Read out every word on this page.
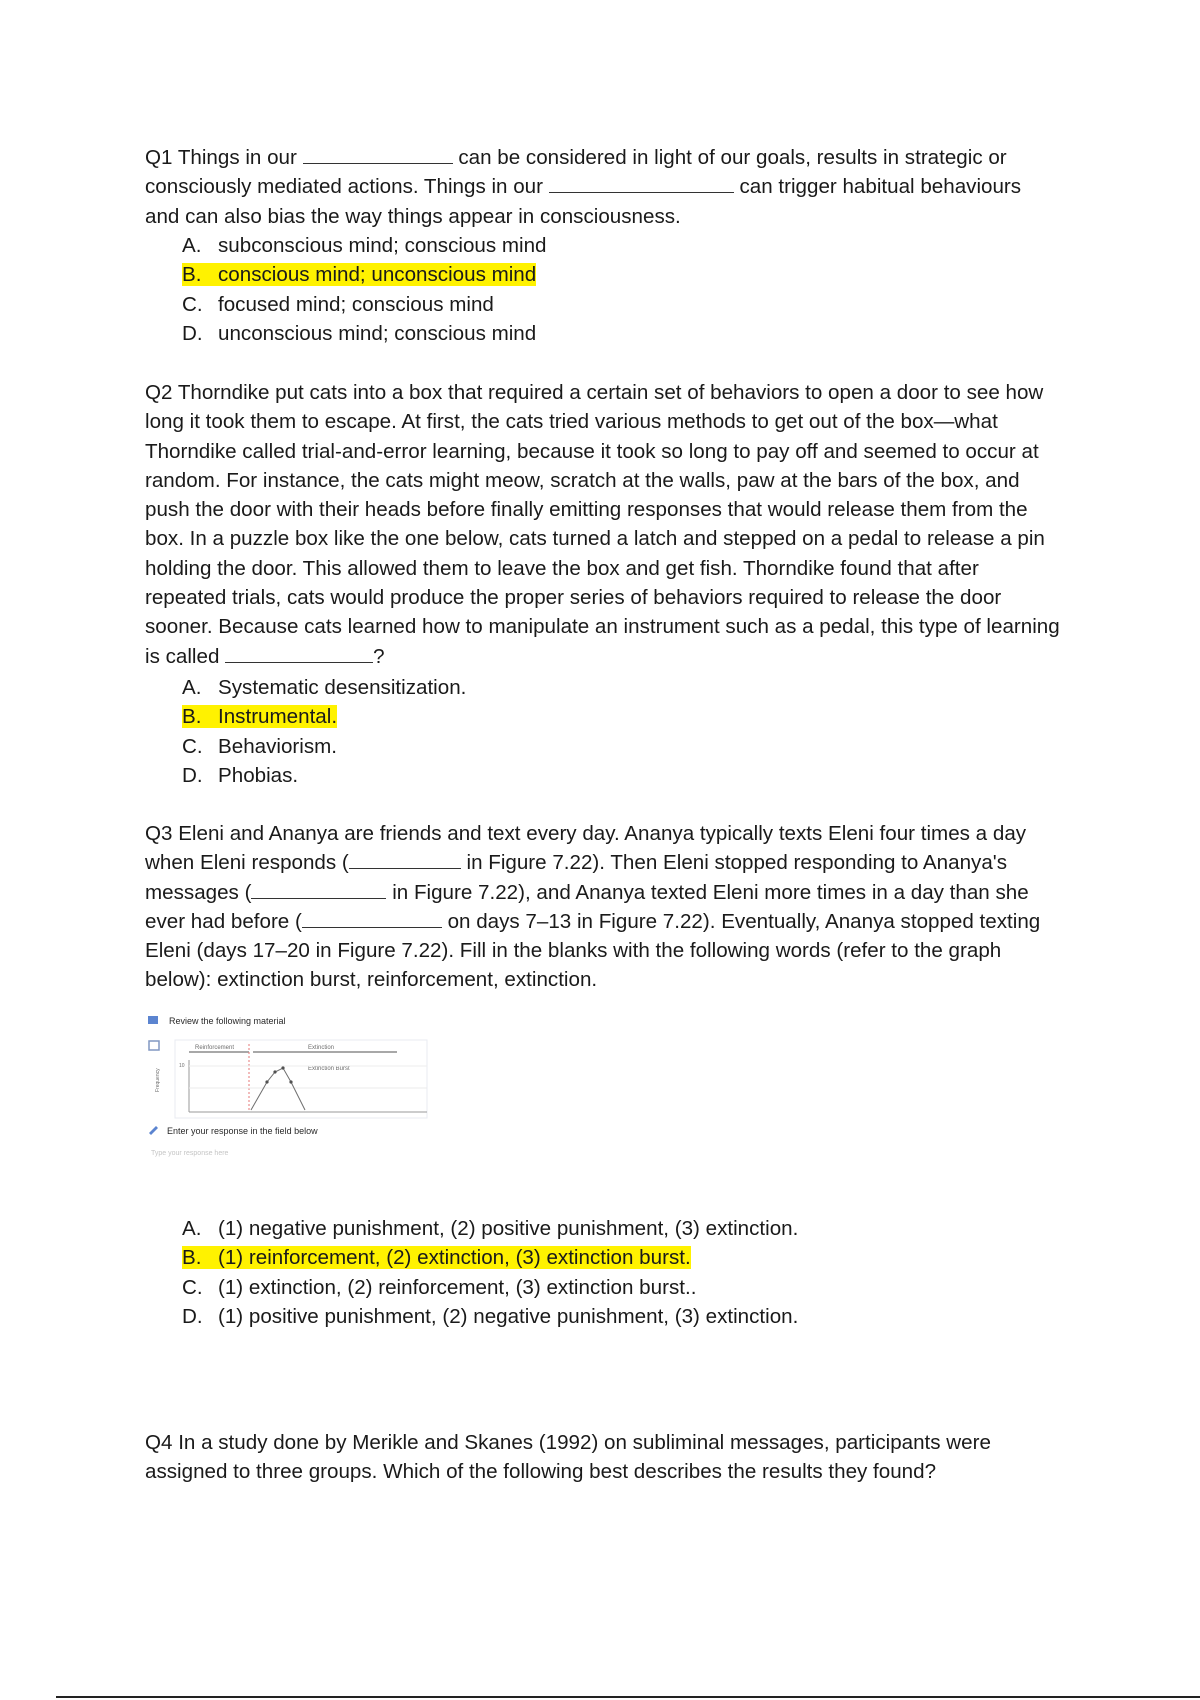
Q1 Things in our	can be considered in light of our goals, results in strategic or consciously mediated actions. Things in our	can trigger habitual behaviours and can also bias the way things appear in consciousness.

A. subconscious mind; conscious mind
B. conscious mind; unconscious mind
C. focused mind; conscious mind
D. unconscious mind; conscious mind

Q2 Thorndike put cats into a box that required a certain set of behaviors to open a door to see how long it took them to escape. At first, the cats tried various methods to get out of the box—what Thorndike called trial-and-error learning, because it took so long to pay off and seemed to occur at random. For instance, the cats might meow, scratch at the walls, paw at the bars of the box, and push the door with their heads before finally emitting responses that would release them from the box. In a puzzle box like the one below, cats turned a latch and stepped on a pedal to release a pin holding the door. This allowed them to leave the box and get fish. Thorndike found that after repeated trials, cats would produce the proper series of behaviors required to release the door sooner. Because cats learned how to manipulate an instrument such as a pedal, this type of learning is called	?

A. Systematic desensitization.
B. Instrumental.
C. Behaviorism.
D. Phobias.

Q3 Eleni and Ananya are friends and text every day. Ananya typically texts Eleni four times a day when Eleni responds (	in Figure 7.22). Then Eleni stopped responding to Ananya's messages (	in Figure 7.22), and Ananya texted Eleni more times in a day than she ever had before (	on days 7–13 in Figure 7.22). Eventually, Ananya stopped texting Eleni (days 17–20 in Figure 7.22). Fill in the blanks with the following words (refer to the graph below): extinction burst, reinforcement, extinction.

Review the following material
Reinforcement	Extinction
Extinction Burst
10
Frequency
Enter your response in the field below
Type your response here
A. (1) negative punishment, (2) positive punishment, (3) extinction.
B. (1) reinforcement, (2) extinction, (3) extinction burst.
C. (1) extinction, (2) reinforcement, (3) extinction burst..
D. (1) positive punishment, (2) negative punishment, (3) extinction.

Q4 In a study done by Merikle and Skanes (1992) on subliminal messages, participants were assigned to three groups. Which of the following best describes the results they found?
